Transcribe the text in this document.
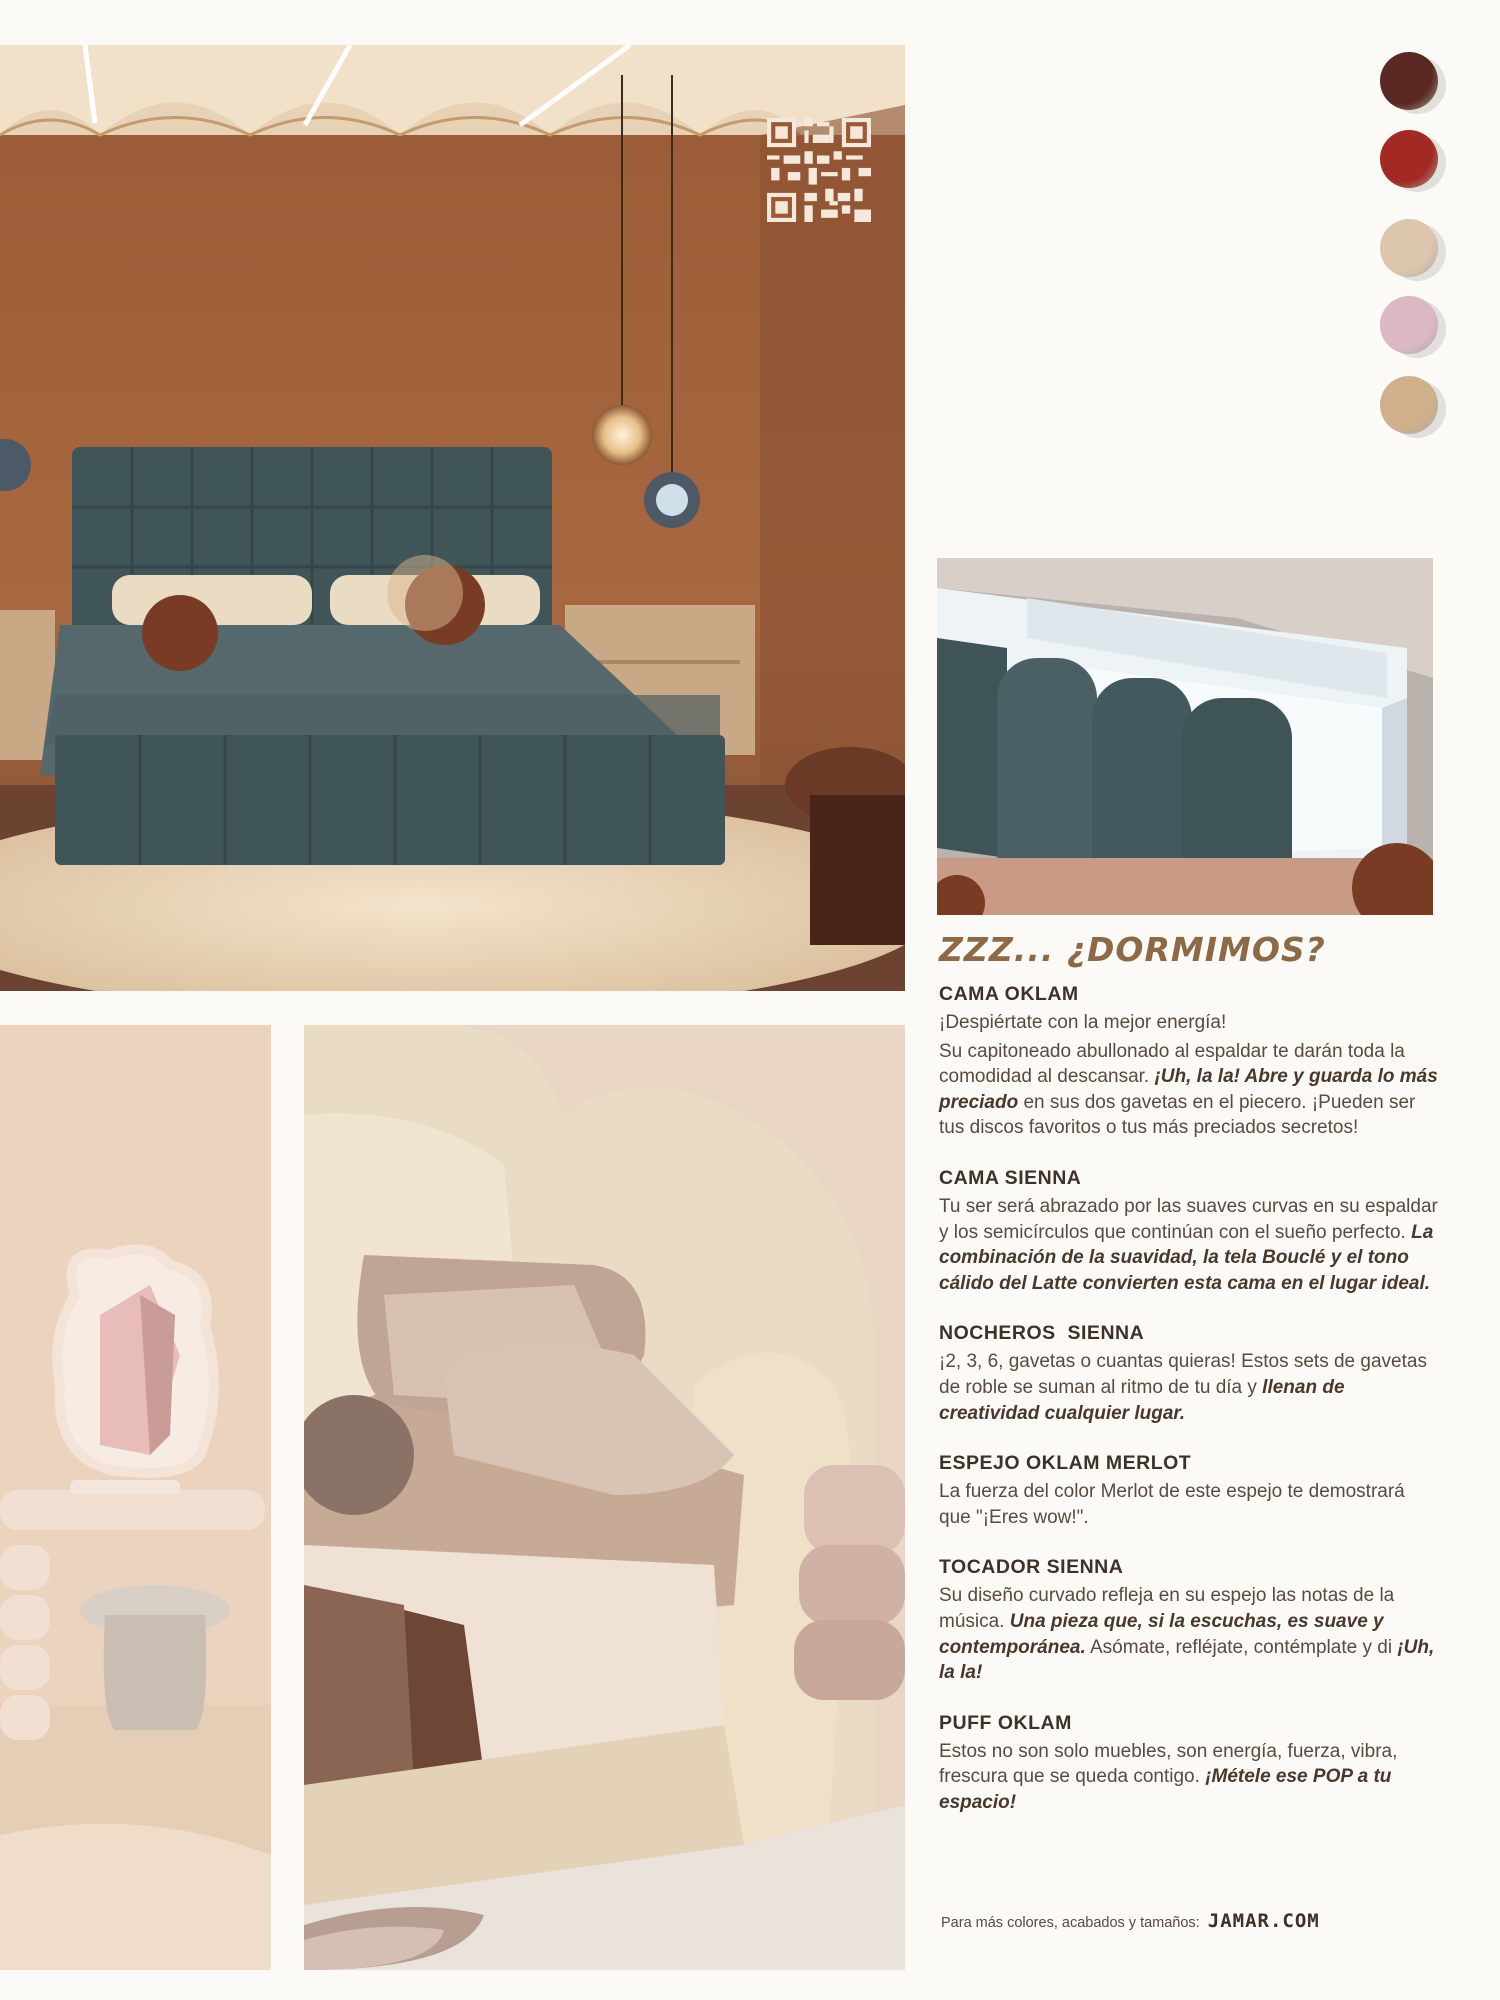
ZZZ... ¿DORMIMOS?
CAMA OKLAM

¡Despiértate con la mejor energía!

Su capitoneado abullonado al espaldar te darán toda la comodidad al descansar. ¡Uh, la la! Abre y guarda lo más preciado en sus dos gavetas en el piecero. ¡Pueden ser tus discos favoritos o tus más preciados secretos!

CAMA SIENNA

Tu ser será abrazado por las suaves curvas en su espaldar y los semicírculos que continúan con el sueño perfecto. La combinación de la suavidad, la tela Bouclé y el tono cálido del Latte convierten esta cama en el lugar ideal.

NOCHEROS  SIENNA

¡2, 3, 6, gavetas o cuantas quieras! Estos sets de gavetas de roble se suman al ritmo de tu día y llenan de creatividad cualquier lugar.

ESPEJO OKLAM MERLOT

La fuerza del color Merlot de este espejo te demostrará que "¡Eres wow!".

TOCADOR SIENNA

Su diseño curvado refleja en su espejo las notas de la música. Una pieza que, si la escuchas, es suave y contemporánea. Asómate, refléjate, contémplate y di ¡Uh, la la!

PUFF OKLAM

Estos no son solo muebles, son energía, fuerza, vibra, frescura que se queda contigo. ¡Métele ese POP a tu espacio!

Para más colores, acabados y tamaños: JAMAR.COM
